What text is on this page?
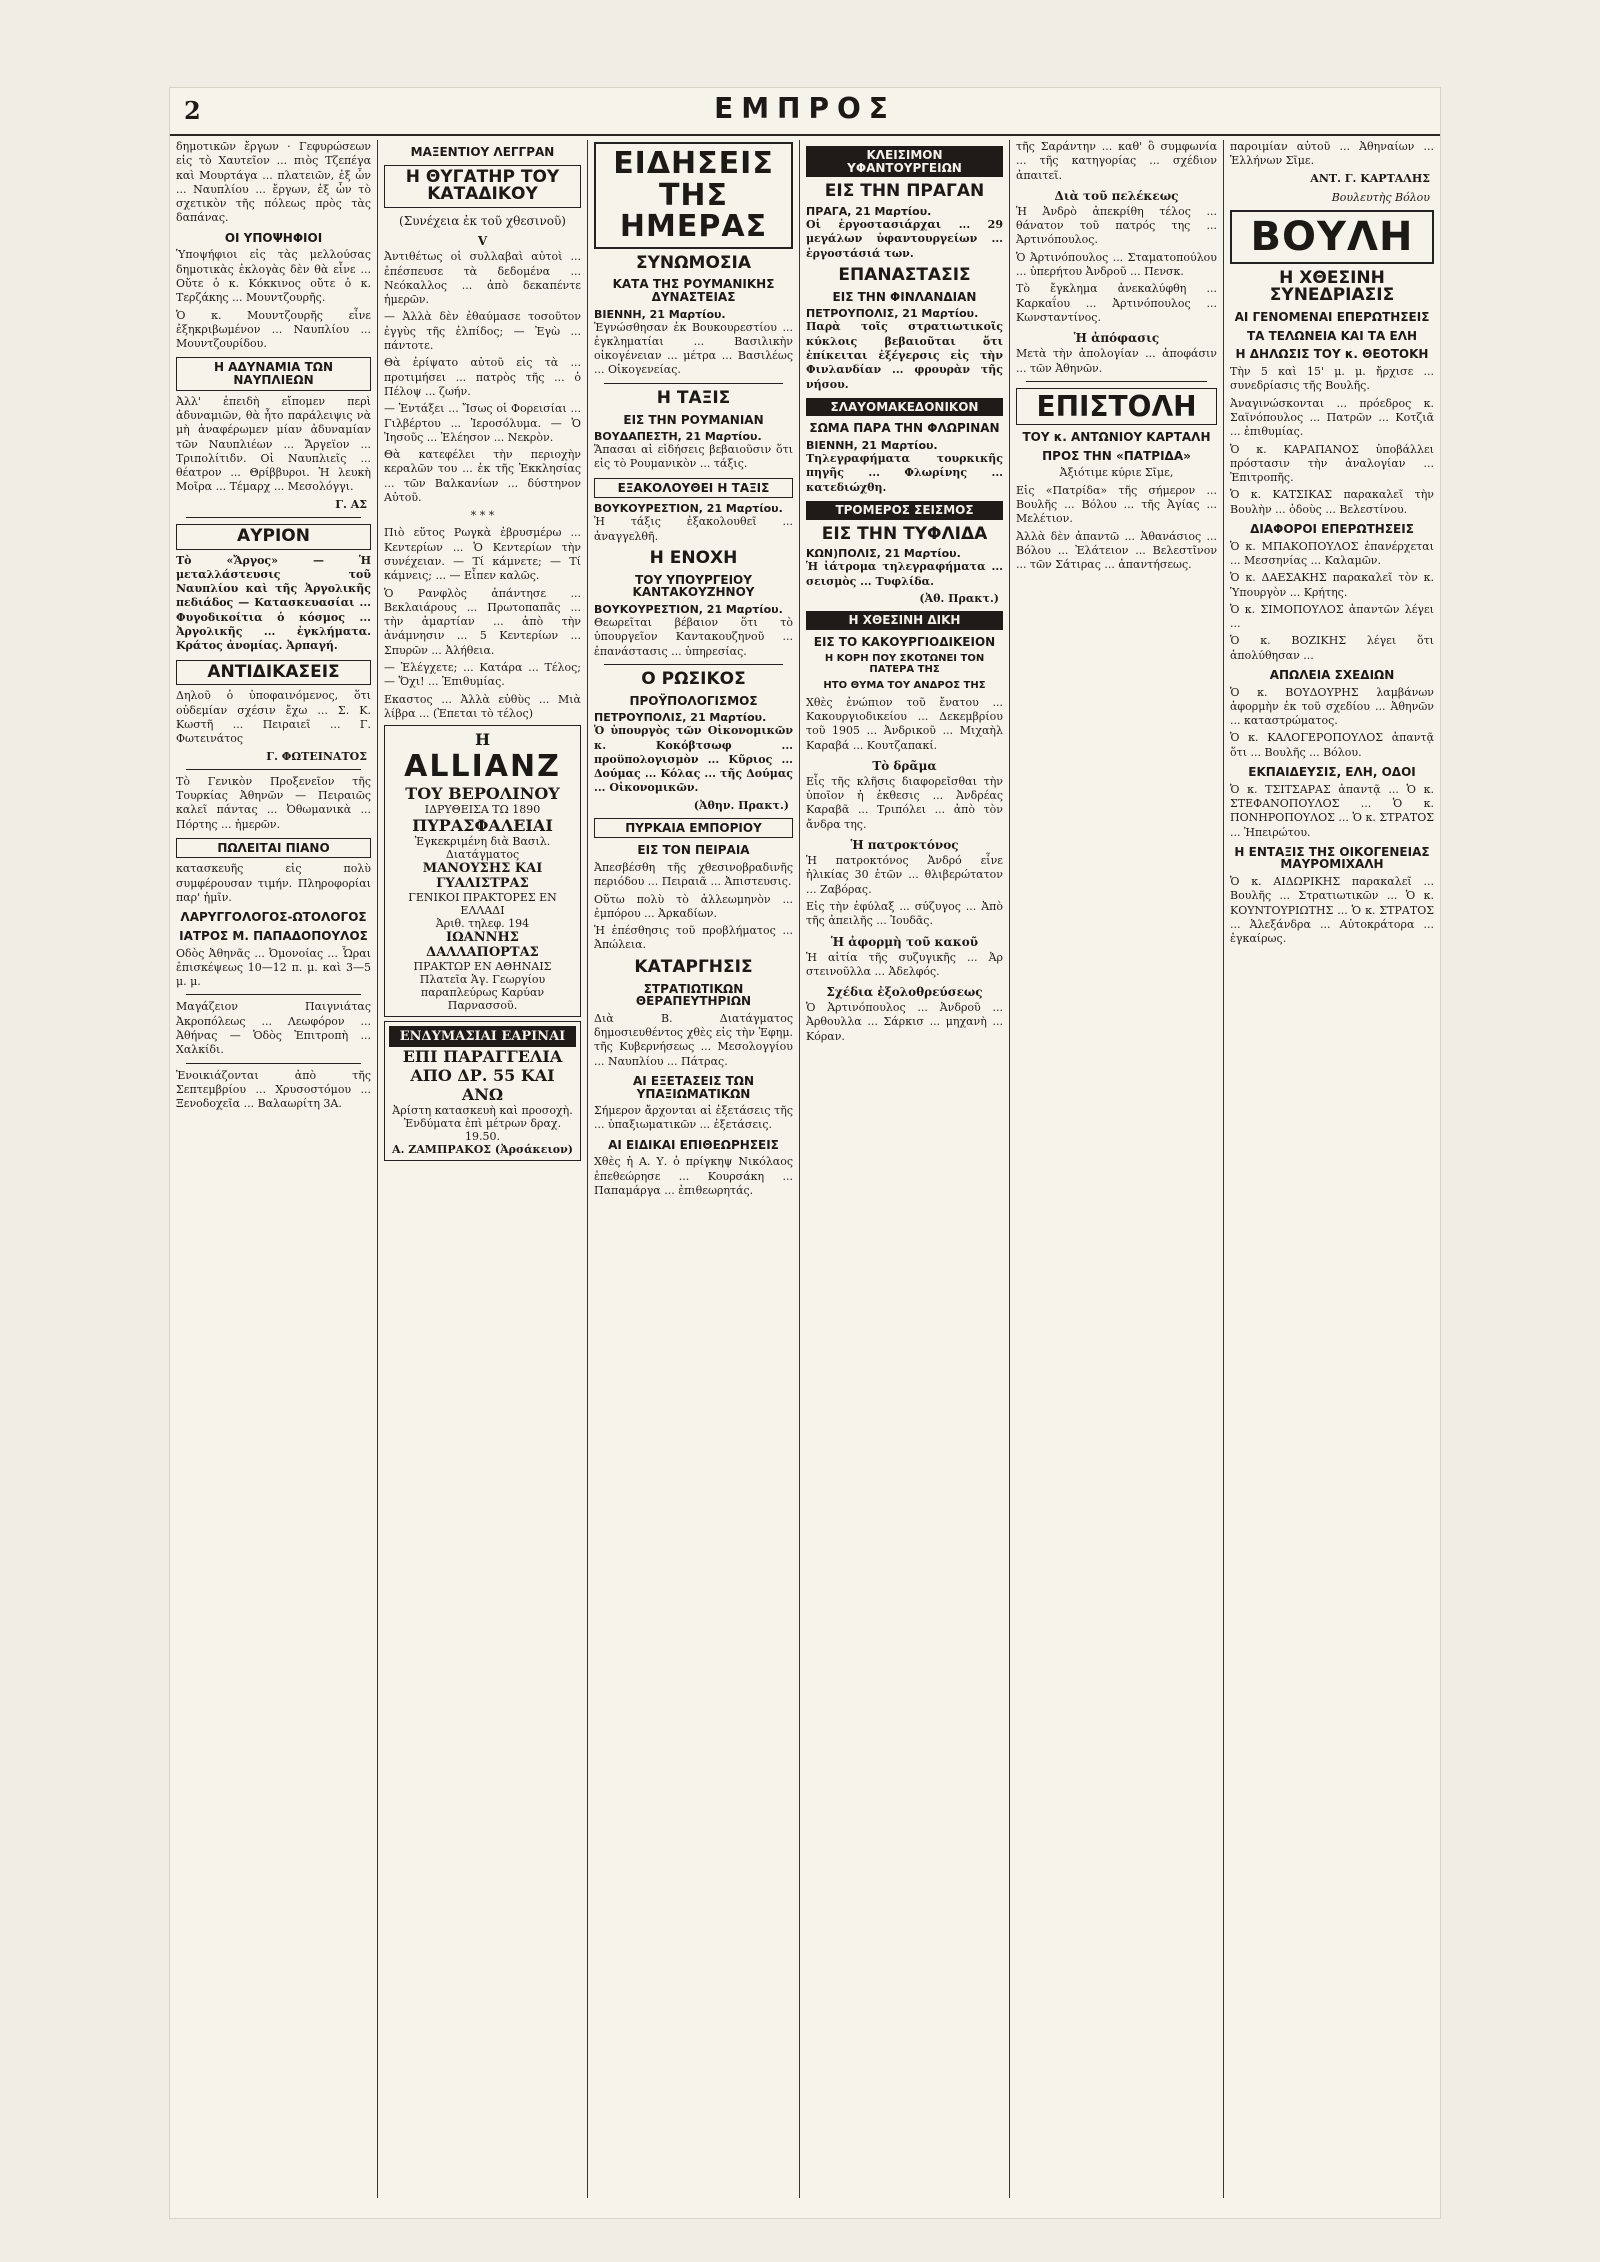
2	ΕΜΠΡΟΣ

δημοτικῶν ἔργων · Γεφυρώσεων εἰς τὸ Χαυτεῖον ... πιὸς Τζεπέγα καὶ Μουρτάγα ... πλατειῶν, ἐξ ὧν ... Ναυπλίου ... ἔργων, ἐξ ὧν τὸ σχετικὸν τῆς πόλεως πρὸς τὰς δαπάνας.

ΟΙ ΥΠΟΨΗΦΙΟΙ

Ὑποψήφιοι εἰς τὰς μελλούσας δημοτικὰς ἐκλογὰς δὲν θὰ εἶνε ... Οὔτε ὁ κ. Κόκκινος οὔτε ὁ κ. Τερζάκης ... Μουντζουρῆς.

Ὁ κ. Μουντζουρῆς εἶνε ἐξηκριβωμένον ... Ναυπλίου ... Μουντζουρίδου.

Η ΑΔΥΝΑΜΙΑ ΤΩΝ ΝΑΥΠΛΙΕΩΝ

Ἀλλ' ἐπειδὴ εἴπομεν περὶ ἀδυναμιῶν, θὰ ἦτο παράλειψις νὰ μὴ ἀναφέρωμεν μίαν ἀδυναμίαν τῶν Ναυπλιέων ... Ἄργεϊον ... Τριπολίτιδν. Οἱ Ναυπλιεῖς ... θέατρον ... Θρίββυροι. Ἡ λευκὴ Μοῖρα ... Τέμαρχ ... Μεσολόγγι.

Γ. ΑΣ
ΑΥΡΙΟΝ

Τὸ «Ἄργος» — Ἡ μεταλλάστευσις τοῦ Ναυπλίου καὶ τῆς Ἀργολικῆς πεδιάδος — Κατασκευασίαι ... Φυγοδικοίτια ὁ κόσμος ... Ἀργολικῆς ... ἐγκλήματα. Κράτος ἀνομίας. Ἀρπαγή.

ΑΝΤΙΔΙΚΑΣΕΙΣ

Δηλοῦ ὁ ὑποφαινόμενος, ὅτι οὐδεμίαν σχέσιν ἔχω ... Σ. Κ. Κωστῆ ... Πειραιεῖ ... Γ. Φωτεινάτος

Γ. ΦΩΤΕΙΝΑΤΟΣ

Τὸ Γενικὸν Προξενεῖον τῆς Τουρκίας Ἀθηνῶν — Πειραιῶς καλεῖ πάντας ... Ὀθωμανικὰ ... Πόρτης ... ἡμερῶν.

ΠΩΛΕΙΤΑΙ ΠΙΑΝΟ

κατασκευῆς εἰς πολὺ συμφέρουσαν τιμήν. Πληροφορίαι παρ' ἡμῖν.

ΛΑΡΥΓΓΟΛΟΓΟΣ-ΩΤΟΛΟΓΟΣ
ΙΑΤΡΟΣ Μ. ΠΑΠΑΔΟΠΟΥΛΟΣ

Οδὸς Ἀθηνᾶς ... Ὀμονοίας ... Ὧραι ἐπισκέψεως 10—12 π. μ. καὶ 3—5 μ. μ.

Μαγάζειον Παιγνιάτας Ἀκροπόλεως ... Λεωφόρον ... Ἀθήνας — Ὁδὸς Ἐπιτροπὴ ... Χαλκίδι.

Ἐνοικιάζονται ἀπὸ τῆς Σεπτεμβρίου ... Χρυσοστόμου ... Ξενοδοχεῖα ... Βαλαωρίτη 3Α.

ΜΑΞΕΝΤΙΟΥ ΛΕΓΓΡΑΝ
Η ΘΥΓΑΤΗΡ ΤΟΥ ΚΑΤΑΔΙΚΟΥ
(Συνέχεια ἐκ τοῦ χθεσινοῦ)
V

Ἀντιθέτως οἱ συλλαβαὶ αὐτοὶ ... ἐπέσπευσε τὰ δεδομένα ... Νεόκαλλος ... ἀπὸ δεκαπέντε ἡμερῶν.

— Ἀλλὰ δὲν ἐθαύμασε τοσοῦτον ἐγγὺς τῆς ἐλπίδος; — Ἐγὼ ... πάντοτε.

Θὰ ἐρίψατο αὐτοῦ εἰς τὰ ... προτιμήσει ... πατρὸς τῆς ... ὁ Πέλοψ ... ζωήν.

— Ἐντάξει ... Ἴσως οἱ Φορεισίαι ... Γιλβέρτου ... Ἱεροσόλυμα. — Ὁ Ἰησοῦς ... Ἐλέησον ... Νεκρὸν.

Θὰ κατεφέλει τὴν περιοχὴν κεραλῶν του ... ἐκ τῆς Ἐκκλησίας ... τῶν Βαλκανίων ... δύστηνον Αὐτοῦ.

* * *

Πιὸ εὕτος Ρωγκὰ ἐβρυσμέρω ... Κεντερίων ... Ὁ Κεντερίων τὴν συνέχειαν. — Τί κάμνετε; — Τί κάμνεις; ... — Εἶπεν καλῶς.

Ὁ Ρανφλὸς ἀπάντησε ... Βεκλαιάρους ... Πρωτοπαπᾶς ... τὴν ἁμαρτίαν ... ἀπὸ τὴν ἀνάμνησιν ... 5 Κεντερίων ... Σπυρῶν ... Ἀλήθεια.

— Ἐλέγχετε; ... Κατάρα ... Τέλος; — Ὅχι! ... Ἐπιθυμίας.

Εκαστος ... Ἀλλὰ εὐθὺς ... Μιὰ λίβρα ... (Ἐπεται τὸ τέλος)

Η
ALLIANZ
ΤΟΥ ΒΕΡΟΛΙΝΟΥ
ΙΔΡΥΘΕΙΣΑ ΤΩ 1890
ΠΥΡΑΣΦΑΛΕΙΑΙ
Ἐγκεκριμένη διὰ Βασιλ. Διατάγματος
ΜΑΝΟΥΣΗΣ ΚΑΙ ΓΥΑΛΙΣΤΡΑΣ
ΓΕΝΙΚΟΙ ΠΡΑΚΤΟΡΕΣ ΕΝ ΕΛΛΑΔΙ
Ἀριθ. τηλεφ. 194
ΙΩΑΝΝΗΣ ΔΑΛΛΑΠΟΡΤΑΣ
ΠΡΑΚΤΩΡ ΕΝ ΑΘΗΝΑΙΣ
Πλατεῖα Ἁγ. Γεωργίου παραπλεύρως Καρύαν Παρνασσοῦ.
ΕΝΔΥΜΑΣΙΑΙ ΕΑΡΙΝΑΙ
ΕΠΙ ΠΑΡΑΓΓΕΛΙΑ
ΑΠΟ ΔΡ. 55 ΚΑΙ ΑΝΩ
Ἀρίστη κατασκευὴ καὶ προσοχὴ. Ἐνδύματα ἐπὶ μέτρων δραχ. 19.50.
Α. ΖΑΜΠΡΑΚΟΣ (Ἀρσάκειον)
ΕΙΔΗΣΕΙΣ ΤΗΣ ΗΜΕΡΑΣ
ΣΥΝΩΜΟΣΙΑ
ΚΑΤΑ ΤΗΣ ΡΟΥΜΑΝΙΚΗΣ ΔΥΝΑΣΤΕΙΑΣ
ΒΙΕΝΝΗ, 21 Μαρτίου.

Ἐγνώσθησαν ἐκ Βουκουρεστίου ... ἐγκληματίαι ... Βασιλικὴν οἰκογένειαν ... μέτρα ... Βασιλέως ... Οἰκογενείας.

Η ΤΑΞΙΣ
ΕΙΣ ΤΗΝ ΡΟΥΜΑΝΙΑΝ
ΒΟΥΔΑΠΕΣΤΗ, 21 Μαρτίου.

Ἅπασαι αἱ εἰδήσεις βεβαιοῦσιν ὅτι εἰς τὸ Ρουμανικὸν ... τάξις.

ΕΞΑΚΟΛΟΥΘΕΙ Η ΤΑΞΙΣ
ΒΟΥΚΟΥΡΕΣΤΙΟΝ, 21 Μαρτίου.

Ἡ τάξις ἐξακολουθεῖ ... ἀναγγελθῆ.

Η ΕΝΟΧΗ
ΤΟΥ ΥΠΟΥΡΓΕΙΟΥ ΚΑΝΤΑΚΟΥΖΗΝΟΥ
ΒΟΥΚΟΥΡΕΣΤΙΟΝ, 21 Μαρτίου.

Θεωρεῖται βέβαιον ὅτι τὸ ὑπουργεῖον Καντακουζηνοῦ ... ἐπανάστασις ... ὑπηρεσίας.

Ο ΡΩΣΙΚΟΣ
ΠΡΟΫΠΟΛΟΓΙΣΜΟΣ
ΠΕΤΡΟΥΠΟΛΙΣ, 21 Μαρτίου.

Ὁ ὑπουργὸς τῶν Οἰκονομικῶν κ. Κοκόβτσωφ ... προϋπολογισμὸν ... Κῦριος ... Δούμας ... Κόλας ... τῆς Δούμας ... Οἰκονομικῶν.

(Ἀθην. Πρακτ.)
ΠΥΡΚΑΙΑ ΕΜΠΟΡΙΟΥ
ΕΙΣ ΤΟΝ ΠΕΙΡΑΙΑ

Ἀπεσβέσθη τῆς χθεσινοβραδινῆς περιόδου ... Πειραιᾶ ... Ἀπιστευσις.

Οὕτω πολὺ τὸ ἀλλεωμηνὸν ... ἐμπόρου ... Ἀρκαδίων.

Ἡ ἐπέσθησις τοῦ προβλήματος ... Ἀπώλεια.

ΚΑΤΑΡΓΗΣΙΣ
ΣΤΡΑΤΙΩΤΙΚΩΝ ΘΕΡΑΠΕΥΤΗΡΙΩΝ

Διὰ Β. Διατάγματος δημοσιευθέντος χθὲς εἰς τὴν Ἐφημ. τῆς Κυβερνήσεως ... Μεσολογγίου ... Ναυπλίου ... Πάτρας.

ΑΙ ΕΞΕΤΑΣΕΙΣ ΤΩΝ ΥΠΑΞΙΩΜΑΤΙΚΩΝ

Σήμερον ἄρχονται αἱ ἐξετάσεις τῆς ... ὑπαξιωματικῶν ... ἐξετάσεις.

ΑΙ ΕΙΔΙΚΑΙ ΕΠΙΘΕΩΡΗΣΕΙΣ

Χθὲς ἡ Α. Υ. ὁ πρίγκηψ Νικόλαος ἐπεθεώρησε ... Κουρσάκη ... Παπαμάργα ... ἐπιθεωρητάς.

ΚΛΕΙΣΙΜΟΝ ΥΦΑΝΤΟΥΡΓΕΙΩΝ
ΕΙΣ ΤΗΝ ΠΡΑΓΑΝ
ΠΡΑΓΑ, 21 Μαρτίου.

Οἱ ἐργοστασιάρχαι ... 29 μεγάλων ὑφαντουργείων ... ἐργοστάσιά των.

ΕΠΑΝΑΣΤΑΣΙΣ
ΕΙΣ ΤΗΝ ΦΙΝΛΑΝΔΙΑΝ
ΠΕΤΡΟΥΠΟΛΙΣ, 21 Μαρτίου.

Παρὰ τοῖς στρατιωτικοῖς κύκλοις βεβαιοῦται ὅτι ἐπίκειται ἐξέγερσις εἰς τὴν Φινλανδίαν ... φρουρὰν τῆς νήσου.

ΣΛΑΥΟΜΑΚΕΔΟΝΙΚΟΝ
ΣΩΜΑ ΠΑΡΑ ΤΗΝ ΦΛΩΡΙΝΑΝ
ΒΙΕΝΝΗ, 21 Μαρτίου.

Τηλεγραφήματα τουρκικῆς πηγῆς ... Φλωρίνης ... κατεδιώχθη.

ΤΡΟΜΕΡΟΣ ΣΕΙΣΜΟΣ
ΕΙΣ ΤΗΝ ΤΥΦΛΙΔΑ
ΚΩΝ)ΠΟΛΙΣ, 21 Μαρτίου.

Ἡ ἰάτρομα τηλεγραφήματα ... σεισμὸς ... Τυφλίδα.

(Ἀθ. Πρακτ.)
Η ΧΘΕΣΙΝΗ ΔΙΚΗ
ΕΙΣ ΤΟ ΚΑΚΟΥΡΓΙΟΔΙΚΕΙΟΝ
Η ΚΟΡΗ ΠΟΥ ΣΚΟΤΩΝΕΙ ΤΟΝ ΠΑΤΕΡΑ ΤΗΣ
ΗΤΟ ΘΥΜΑ ΤΟΥ ΑΝΔΡΟΣ ΤΗΣ

Χθὲς ἐνώπιον τοῦ ἔνατου ... Κακουργιοδικείου ... Δεκεμβρίου τοῦ 1905 ... Ἀνδρικοῦ ... Μιχαὴλ Καραβά ... Κουτζαπακί.

Τὸ δρᾶμα

Εἶς τῆς κλῆσις διαφορεῖσθαι τὴν ὑποῖον ἡ ἐκθεσις ... Ἀνδρέας Καραβᾶ ... Τριπόλει ... ἀπὸ τὸν ἄνδρα της.

Ἡ πατροκτόνος

Ἡ πατροκτόνος Ἀνδρό εἶνε ἡλικίας 30 ἐτῶν ... θλιβερώτατον ... Ζαβόρας.

Εἰς τὴν ἐφύλαξ ... σύζυγος ... Ἀπὸ τῆς ἀπειλῆς ... Ἰουδᾶς.

Ἡ ἀφορμὴ τοῦ κακοῦ

Ἡ αἰτία τῆς συζυγικῆς ... Ἀρ στεινοῦλλα ... Ἀδελφός.

Σχέδια ἐξολοθρεύσεως

Ὁ Ἀρτινόπουλος ... Ἀνδροῦ ... Ἀρθουλλα ... Σάρκισ ... μηχανὴ ... Κόραν.

τῆς Σαράντην ... καθ' ὃ συμφωνία ... τῆς κατηγορίας ... σχέδιον ἀπαιτεῖ.

Διὰ τοῦ πελέκεως

Ἡ Ἀνδρὸ ἀπεκρίθη τέλος ... θάνατον τοῦ πατρός της ... Ἀρτινόπουλος.

Ὁ Ἀρτινόπουλος ... Σταματοπούλου ... ὑπερήτου Ἀνδροῦ ... Πενσκ.

Τὸ ἔγκλημα ἀνεκαλύφθη ... Καρκαΐου ... Ἀρτινόπουλος ... Κωνσταντίνος.

Ἡ ἀπόφασις

Μετὰ τὴν ἀπολογίαν ... ἀποφάσιν ... τῶν Ἀθηνῶν.

ΕΠΙΣΤΟΛΗ
ΤΟΥ κ. ΑΝΤΩΝΙΟΥ ΚΑΡΤΑΛΗ
ΠΡΟΣ ΤΗΝ «ΠΑΤΡΙΔΑ»
Ἀξιότιμε κύριε Σῖμε,

Εἰς «Πατρίδα» τῆς σήμερον ... Βουλῆς ... Βόλου ... τῆς Ἀγίας ... Μελέτιον.

Ἀλλὰ δὲν ἀπαντῶ ... Ἀθανάσιος ... Βόλου ... Ἐλάτειον ... Βελεστῖνον ... τῶν Σάτιρας ... ἀπαντήσεως.

παροιμίαν αὐτοῦ ... Ἀθηναίων ... Ἑλλήνων Σῖμε.

ΑΝΤ. Γ. ΚΑΡΤΑΛΗΣ
Βουλευτὴς Βόλου
ΒΟΥΛΗ
Η ΧΘΕΣΙΝΗ ΣΥΝΕΔΡΙΑΣΙΣ
ΑΙ ΓΕΝΟΜΕΝΑΙ ΕΠΕΡΩΤΗΣΕΙΣ
ΤΑ ΤΕΛΩΝΕΙΑ ΚΑΙ ΤΑ ΕΛΗ
Η ΔΗΛΩΣΙΣ ΤΟΥ κ. ΘΕΟΤΟΚΗ

Τὴν 5 καὶ 15' μ. μ. ἤρχισε ... συνεδρίασις τῆς Βουλῆς.

Ἀναγινώσκονται ... πρόεδρος κ. Σαϊνόπουλος ... Πατρῶν ... Κοτζιᾶ ... ἐπιθυμίας.

Ὁ κ. ΚΑΡΑΠΑΝΟΣ ὑποβάλλει πρόστασιν τὴν ἀναλογίαν ... Ἐπιτροπῆς.

Ὁ κ. ΚΑΤΣΙΚΑΣ παρακαλεῖ τὴν Βουλὴν ... ὁδοὺς ... Βελεστίνου.

ΔΙΑΦΟΡΟΙ ΕΠΕΡΩΤΗΣΕΙΣ

Ὁ κ. ΜΠΑΚΟΠΟΥΛΟΣ ἐπανέρχεται ... Μεσσηνίας ... Καλαμῶν.

Ὁ κ. ΔΑΕΣΑΚΗΣ παρακαλεῖ τὸν κ. Ὑπουργὸν ... Κρήτης.

Ὁ κ. ΣΙΜΟΠΟΥΛΟΣ ἀπαντῶν λέγει ...

Ὁ κ. ΒΟΖΙΚΗΣ λέγει ὅτι ἀπολύθησαν ...

ΑΠΩΛΕΙΑ ΣΧΕΔΙΩΝ

Ὁ κ. ΒΟΥΔΟΥΡΗΣ λαμβάνων ἀφορμὴν ἐκ τοῦ σχεδίου ... Ἀθηνῶν ... καταστρώματος.

Ὁ κ. ΚΑΛΟΓΕΡΟΠΟΥΛΟΣ ἀπαντᾷ ὅτι ... Βουλῆς ... Βόλου.

ΕΚΠΑΙΔΕΥΣΙΣ, ΕΛΗ, ΟΔΟΙ

Ὁ κ. ΤΣΙΤΣΑΡΑΣ ἀπαντᾷ ... Ὁ κ. ΣΤΕΦΑΝΟΠΟΥΛΟΣ ... Ὁ κ. ΠΟΝΗΡΟΠΟΥΛΟΣ ... Ὁ κ. ΣΤΡΑΤΟΣ ... Ἠπειρώτου.

Η ΕΝΤΑΞΙΣ ΤΗΣ ΟΙΚΟΓΕΝΕΙΑΣ ΜΑΥΡΟΜΙΧΑΛΗ

Ὁ κ. ΑΙΔΩΡΙΚΗΣ παρακαλεῖ ... Βουλῆς ... Στρατιωτικῶν ... Ὁ κ. ΚΟΥΝΤΟΥΡΙΩΤΗΣ ... Ὁ κ. ΣΤΡΑΤΟΣ ... Ἀλεξάνδρα ... Αὐτοκράτορα ... ἐγκαίρως.
